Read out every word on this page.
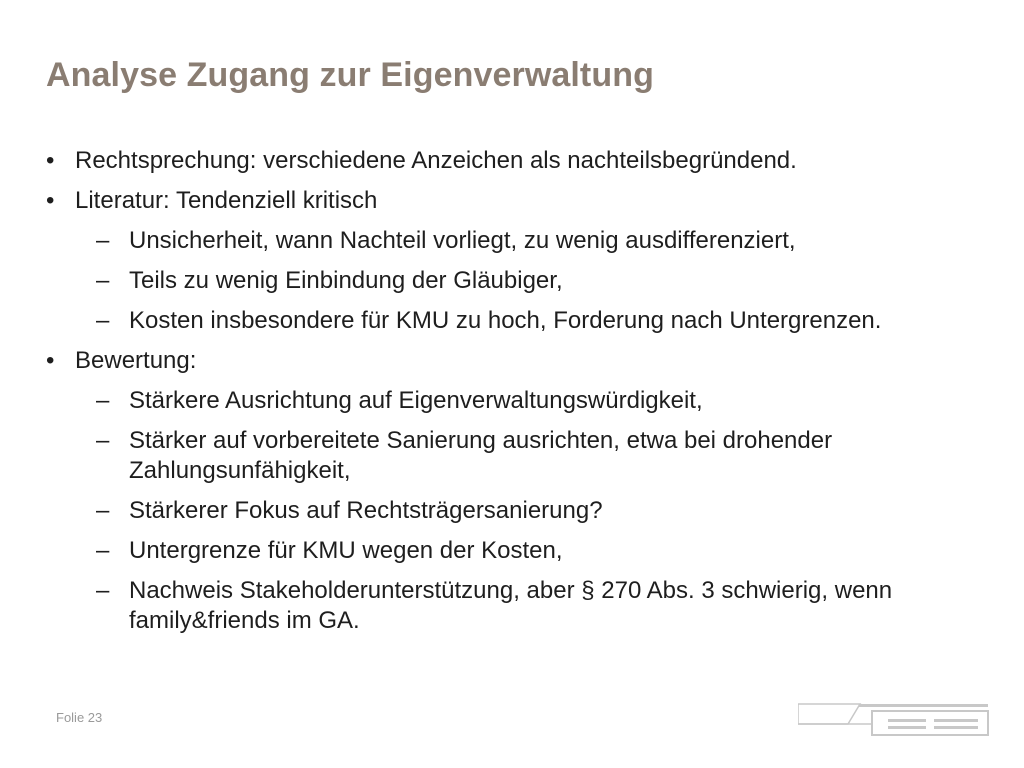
Analyse Zugang zur Eigenverwaltung
• Rechtsprechung: verschiedene Anzeichen als nachteilsbegründend.
• Literatur: Tendenziell kritisch
– Unsicherheit, wann Nachteil vorliegt, zu wenig ausdifferenziert,
– Teils zu wenig Einbindung der Gläubiger,
– Kosten insbesondere für KMU zu hoch, Forderung nach Untergrenzen.
• Bewertung:
– Stärkere Ausrichtung auf Eigenverwaltungswürdigkeit,
– Stärker auf vorbereitete Sanierung ausrichten, etwa bei drohender Zahlungsunfähigkeit,
– Stärkerer Fokus auf Rechtsträgersanierung?
– Untergrenze für KMU wegen der Kosten,
– Nachweis Stakeholderunterstützung, aber § 270 Abs. 3 schwierig, wenn family&friends im GA.
Folie 23
